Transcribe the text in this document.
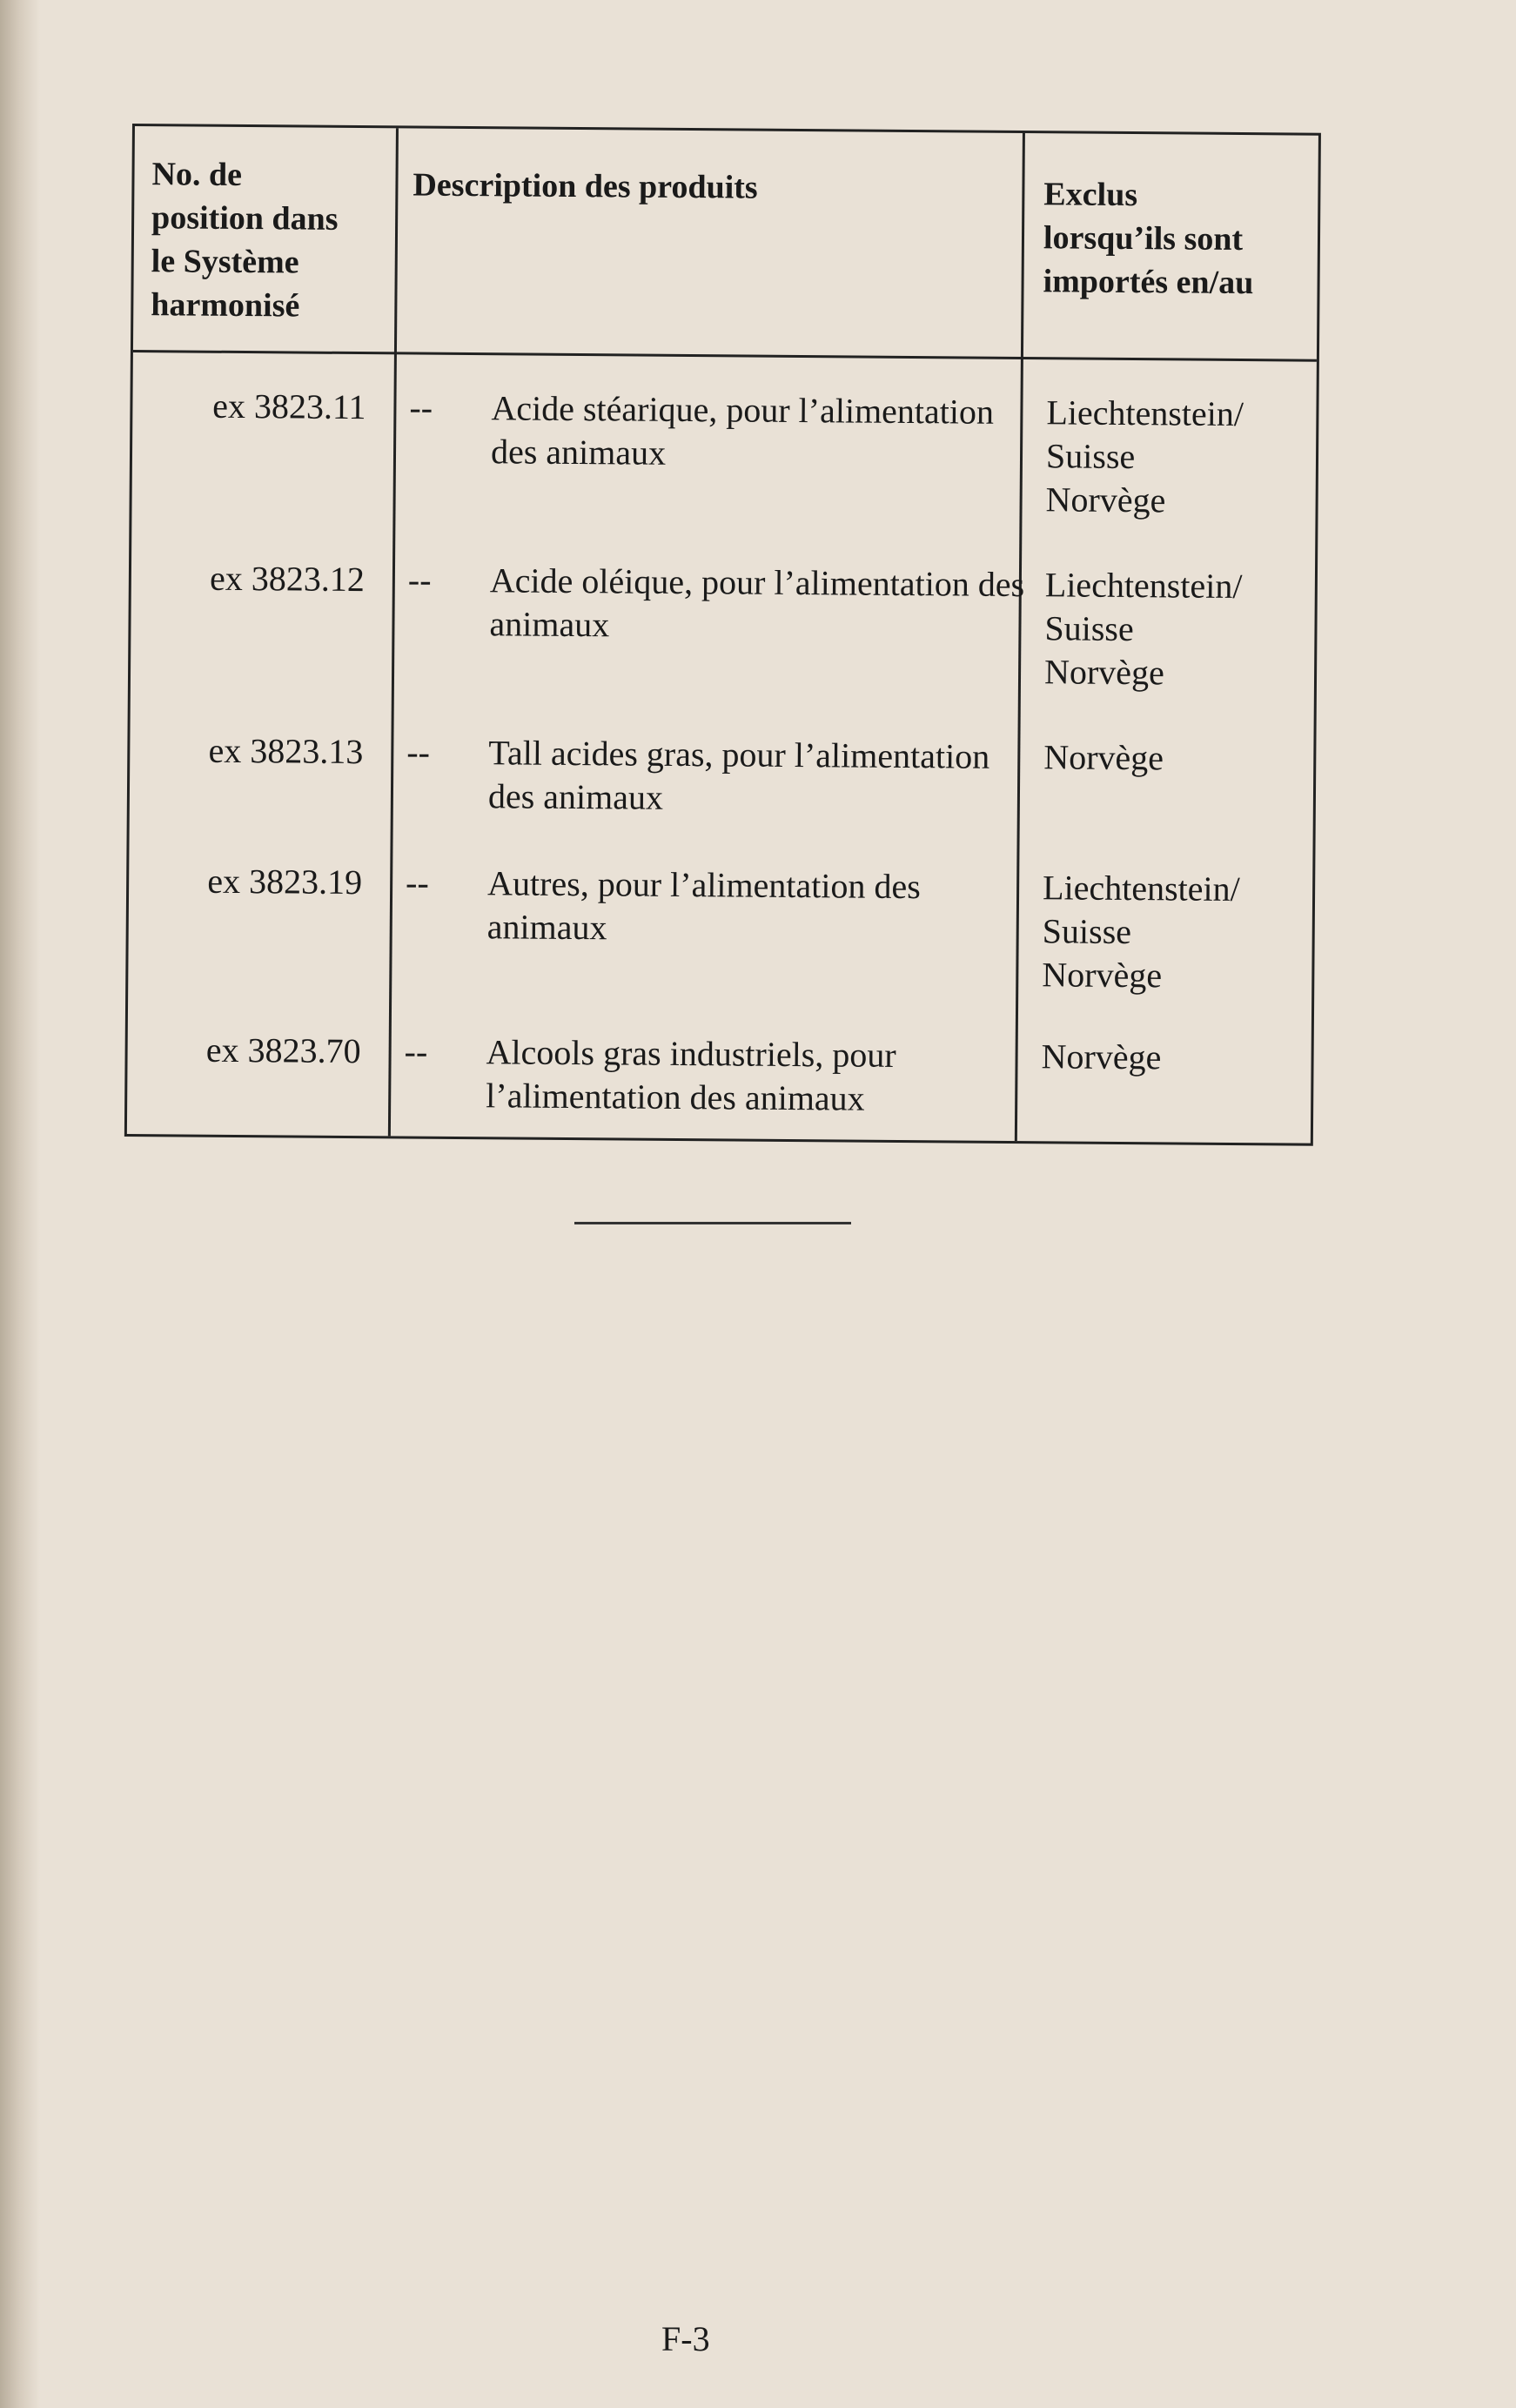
No. de
position dans
le Système
harmonisé
Description des produits	Exclus
lorsqu’ils sont
importés en/au
ex 3823.11 -- Acide stéarique, pour l’alimentation des animaux
Liechtenstein/
Suisse
Norvège
ex 3823.12 -- Acide oléique, pour l’alimentation des animaux
Liechtenstein/
Suisse
Norvège
ex 3823.13 -- Tall acides gras, pour l’alimentation des animaux
Norvège
ex 3823.19 -- Autres, pour l’alimentation des animaux
Liechtenstein/
Suisse
Norvège
ex 3823.70 -- Alcools gras industriels, pour l’alimentation des animaux
Norvège
F-3
